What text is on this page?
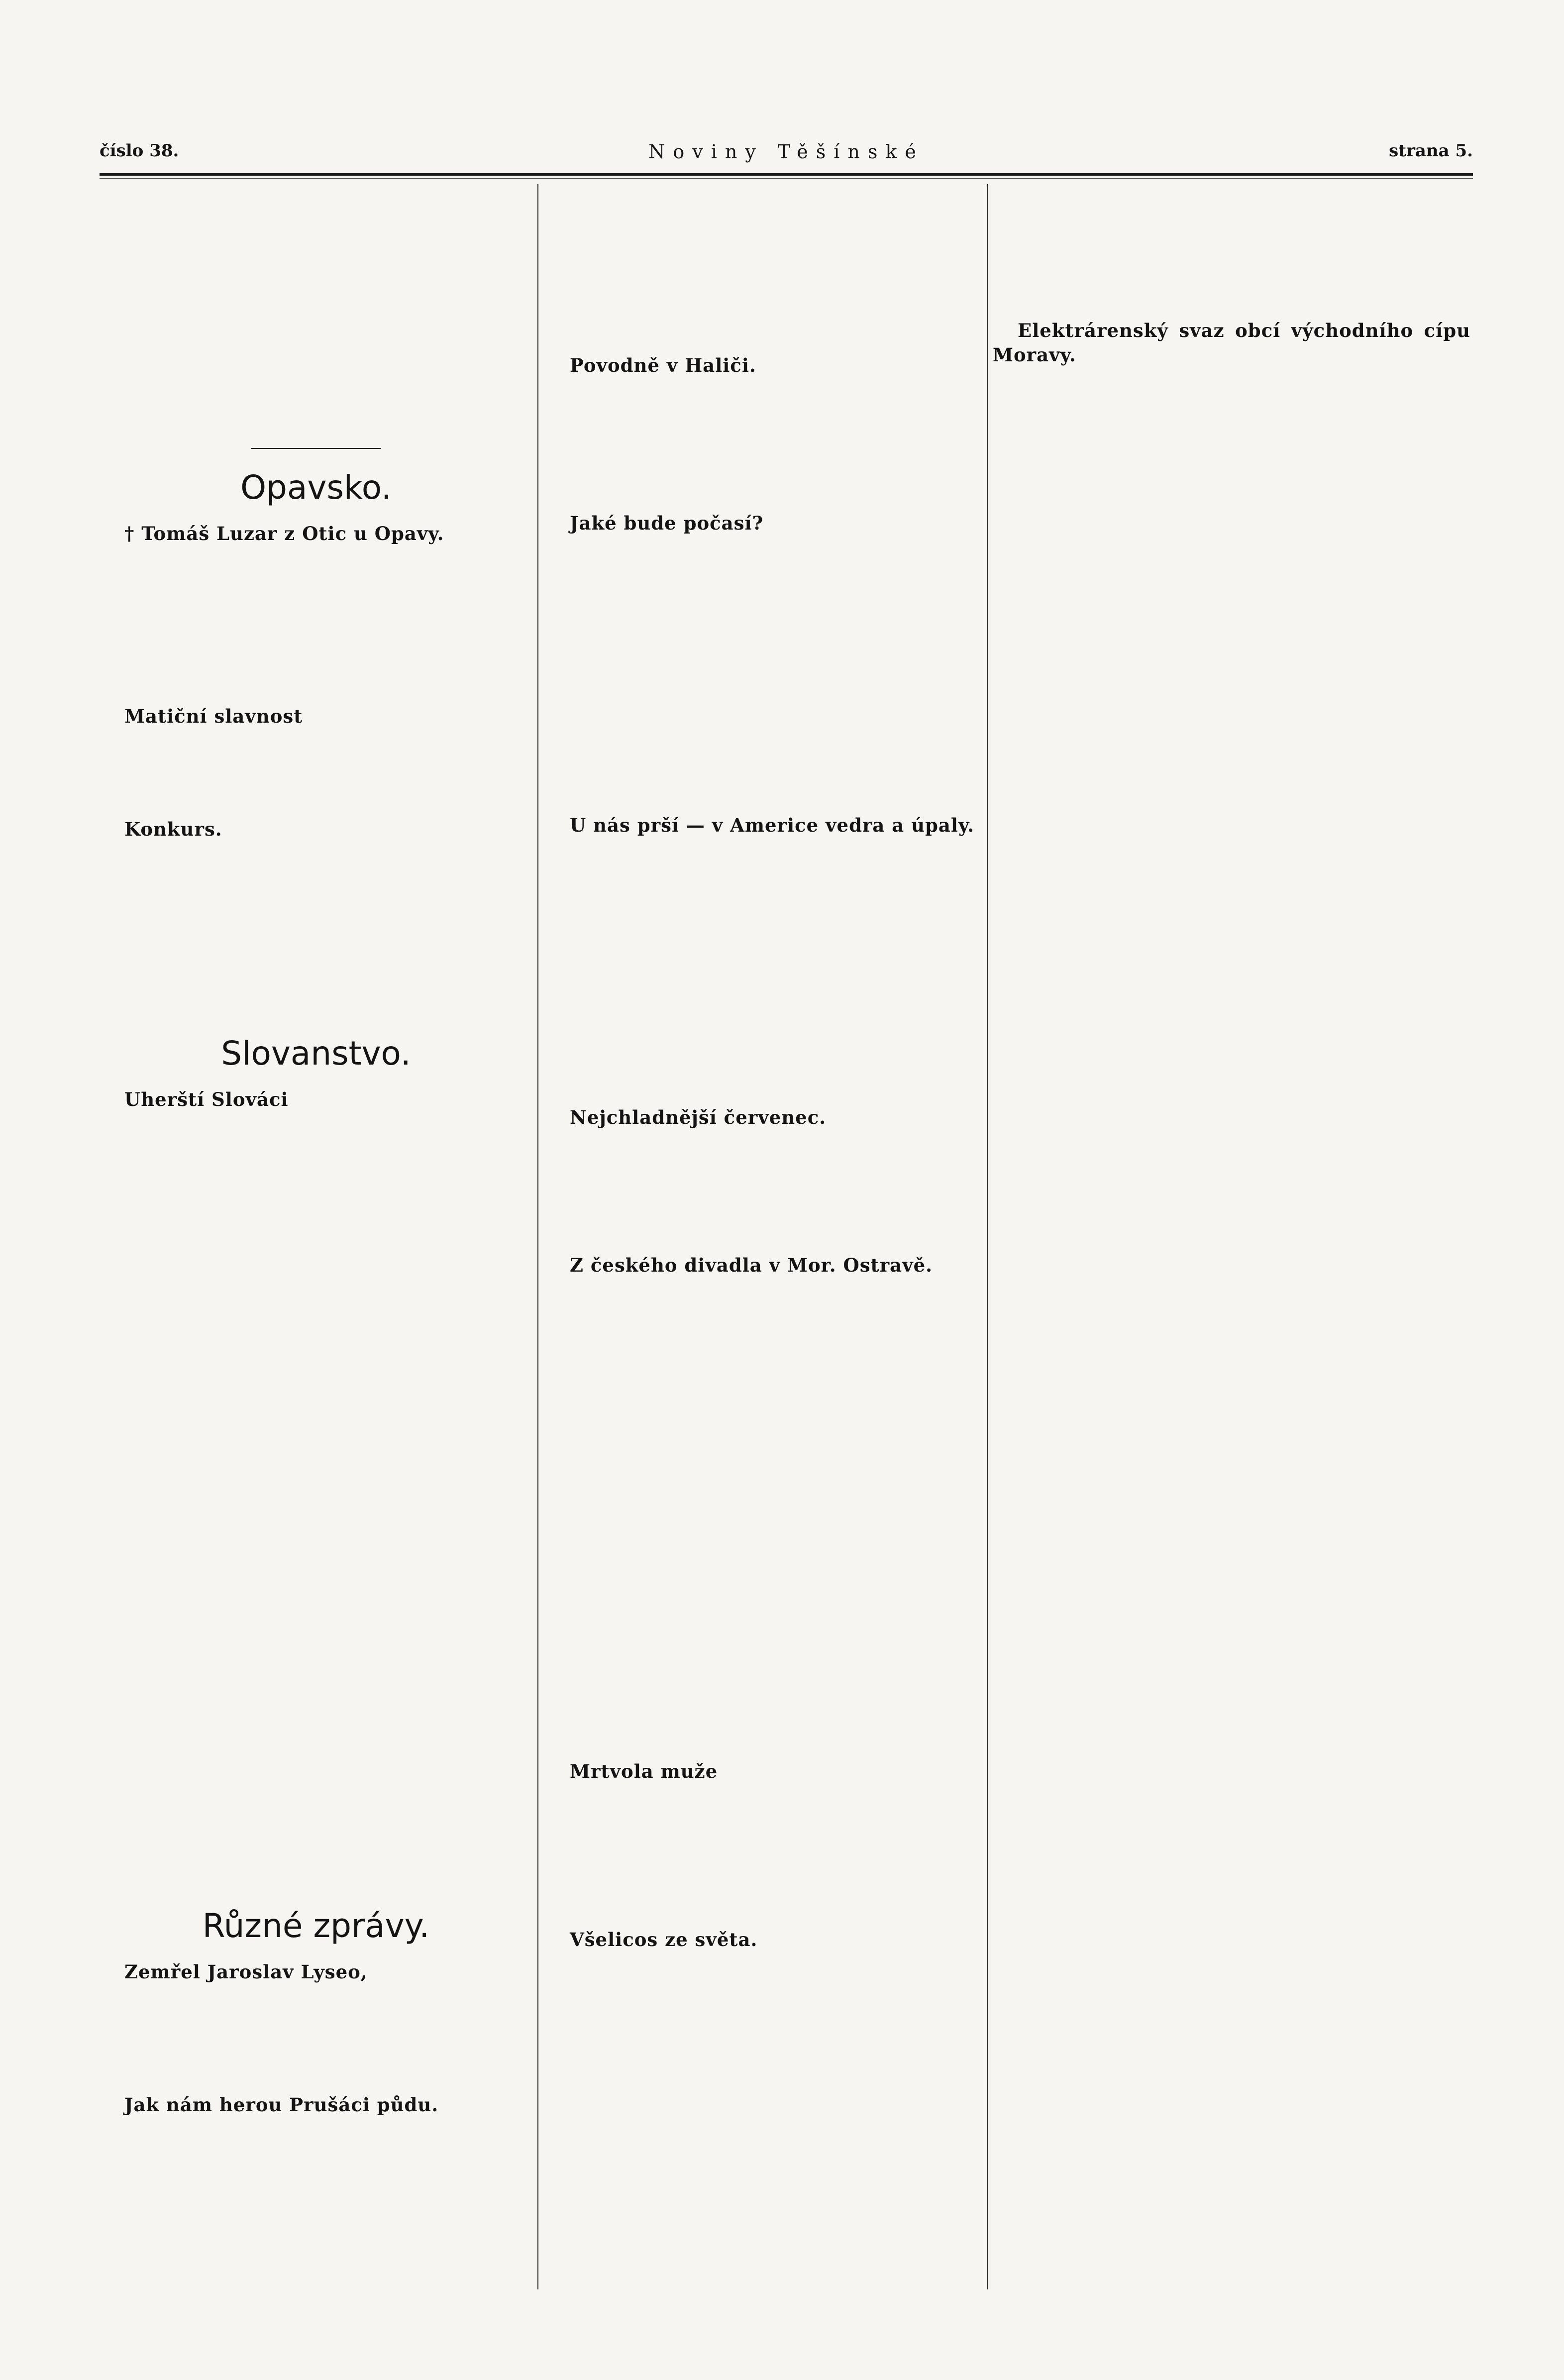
číslo 38.	Noviny Těšínské	strana 5.
Opavsko.

† Tomáš Luzar z Otic u Opavy.

Matiční slavnost

Konkurs.

Slovanstvo.

Uherští Slováci

Různé zprávy.

Zemřel Jaroslav Lyseo,

Jak nám herou Prušáci půdu.

Povodně v Haliči.

Jaké bude počasí?

U nás prší — v Americe vedra a úpaly.

Nejchladnější červenec.

Z českého divadla v Mor. Ostravě.

Mrtvola muže

Všelicos ze světa.

Elektrárenský svaz obcí východního cípu Moravy.
